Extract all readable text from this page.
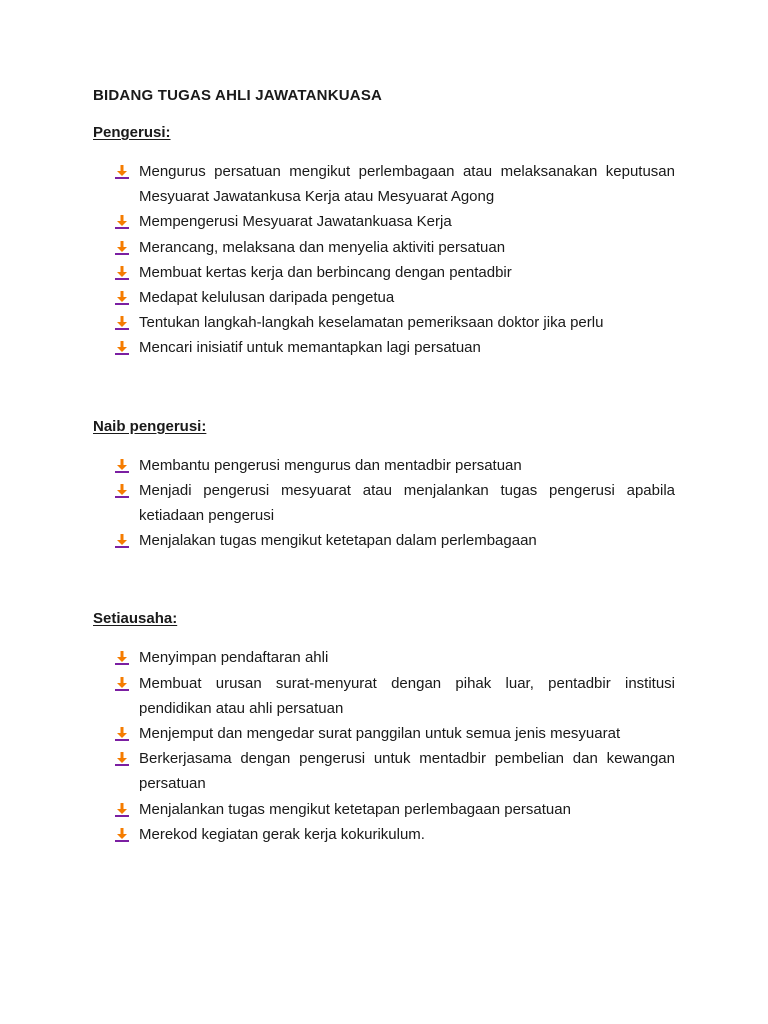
BIDANG TUGAS AHLI JAWATANKUASA
Pengerusi:
Mengurus persatuan mengikut perlembagaan atau melaksanakan keputusan Mesyuarat Jawatankusa Kerja atau Mesyuarat Agong
Mempengerusi Mesyuarat Jawatankuasa Kerja
Merancang, melaksana dan menyelia aktiviti persatuan
Membuat kertas kerja dan berbincang dengan pentadbir
Medapat kelulusan daripada pengetua
Tentukan langkah-langkah keselamatan pemeriksaan doktor jika perlu
Mencari inisiatif untuk memantapkan lagi persatuan
Naib pengerusi:
Membantu pengerusi mengurus dan mentadbir persatuan
Menjadi pengerusi mesyuarat atau menjalankan tugas pengerusi apabila ketiadaan pengerusi
Menjalakan tugas mengikut ketetapan dalam perlembagaan
Setiausaha:
Menyimpan pendaftaran ahli
Membuat urusan surat-menyurat dengan pihak luar, pentadbir institusi pendidikan atau ahli persatuan
Menjemput dan mengedar surat panggilan untuk semua jenis mesyuarat
Berkerjasama dengan pengerusi untuk mentadbir pembelian dan kewangan persatuan
Menjalankan tugas mengikut ketetapan perlembagaan persatuan
Merekod kegiatan gerak kerja kokurikulum.
